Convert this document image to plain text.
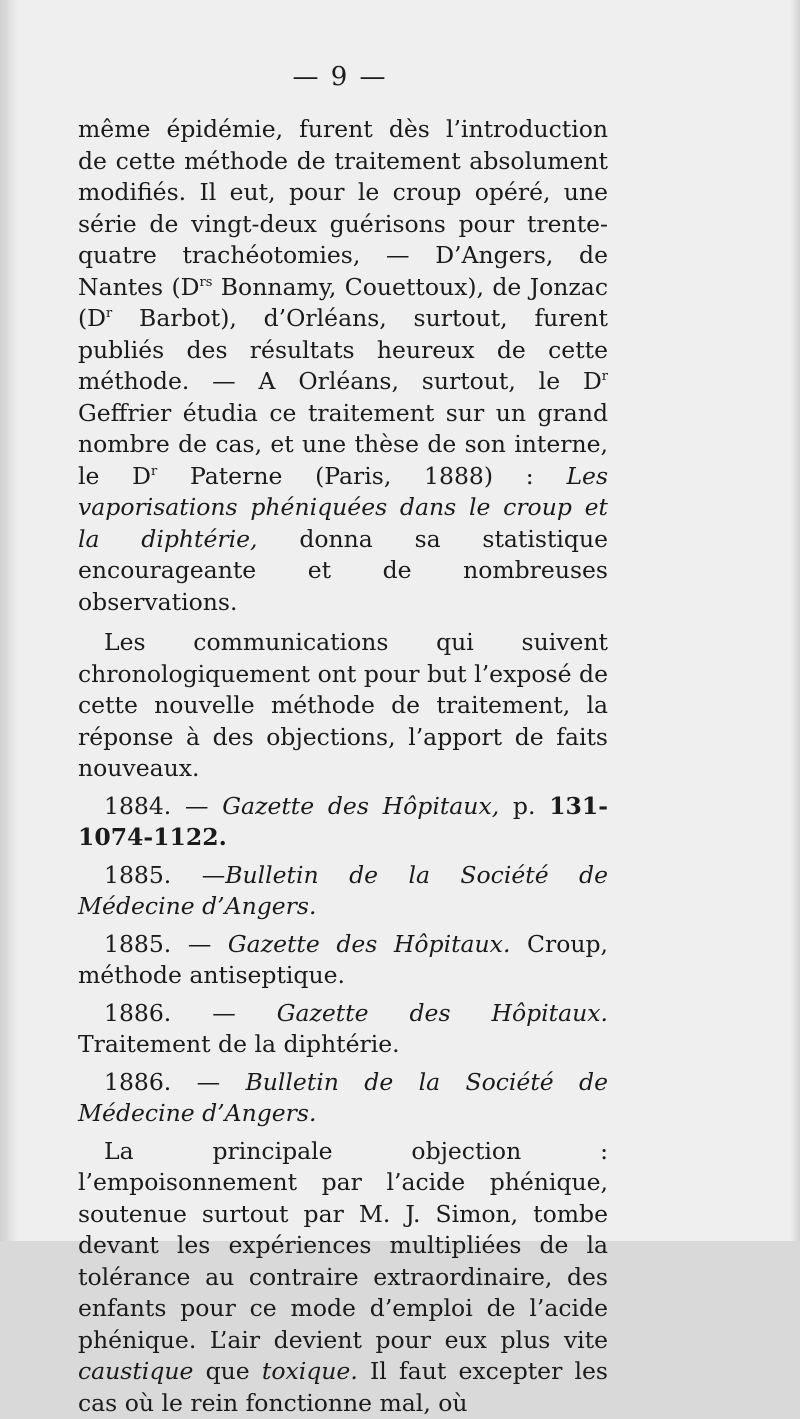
— 9 —

même épidémie, furent dès l’introduction de cette méthode de traitement absolument modifiés. Il eut, pour le croup opéré, une série de vingt-deux guérisons pour trente-quatre trachéotomies, — D’Angers, de Nantes ($D^{rs}$ Bonnamy, Couettoux), de Jonzac ($D^r$ Barbot), d’Orléans, surtout, furent publiés des résultats heureux de cette méthode. — A Orléans, surtout, le $D^r$ Geffrier étudia ce traitement sur un grand nombre de cas, et une thèse de son interne, le $D^r$ Paterne (Paris, 1888) : Les vaporisations phéniquées dans le croup et la diphtérie, donna sa statistique encourageante et de nombreuses observations.

Les communications qui suivent chronologiquement ont pour but l’exposé de cette nouvelle méthode de traitement, la réponse à des objections, l’apport de faits nouveaux.

1884. — Gazette des Hôpitaux, p. 131-1074-1122.

1885. —Bulletin de la Société de Médecine d’Angers.

1885. — Gazette des Hôpitaux. Croup, méthode antiseptique.

1886. — Gazette des Hôpitaux. Traitement de la diphtérie.

1886. — Bulletin de la Société de Médecine d’Angers.

La principale objection : l’empoisonnement par l’acide phénique, soutenue surtout par M. J. Simon, tombe devant les expériences multipliées de la tolérance au contraire extraordinaire, des enfants pour ce mode d’emploi de l’acide phénique. L’air devient pour eux plus vite caustique que toxique. Il faut excepter les cas où le rein fonctionne mal, où
